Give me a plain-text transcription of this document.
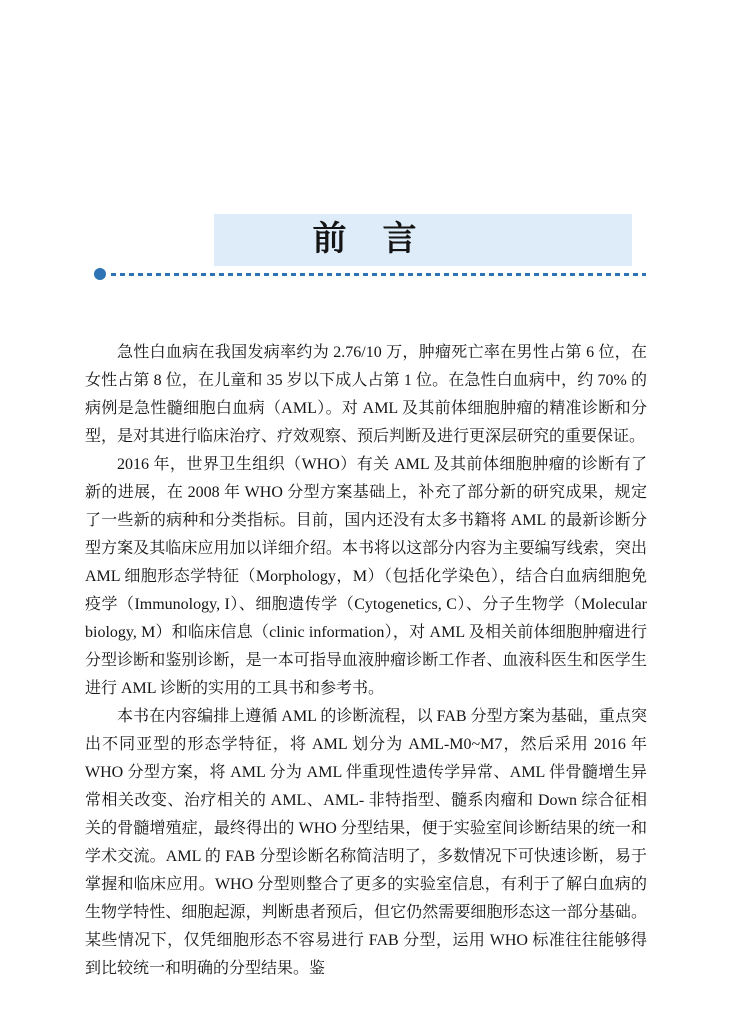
前　言

急性白血病在我国发病率约为 2.76/10 万，肿瘤死亡率在男性占第 6 位，在女性占第 8 位，在儿童和 35 岁以下成人占第 1 位。在急性白血病中，约 70% 的病例是急性髓细胞白血病（AML）。对 AML 及其前体细胞肿瘤的精准诊断和分型，是对其进行临床治疗、疗效观察、预后判断及进行更深层研究的重要保证。

2016 年，世界卫生组织（WHO）有关 AML 及其前体细胞肿瘤的诊断有了新的进展，在 2008 年 WHO 分型方案基础上，补充了部分新的研究成果，规定了一些新的病种和分类指标。目前，国内还没有太多书籍将 AML 的最新诊断分型方案及其临床应用加以详细介绍。本书将以这部分内容为主要编写线索，突出 AML 细胞形态学特征（Morphology，M）（包括化学染色），结合白血病细胞免疫学（Immunology, I）、细胞遗传学（Cytogenetics, C）、分子生物学（Molecular biology, M）和临床信息（clinic information），对 AML 及相关前体细胞肿瘤进行分型诊断和鉴别诊断，是一本可指导血液肿瘤诊断工作者、血液科医生和医学生进行 AML 诊断的实用的工具书和参考书。

本书在内容编排上遵循 AML 的诊断流程，以 FAB 分型方案为基础，重点突出不同亚型的形态学特征，将 AML 划分为 AML-M0~M7，然后采用 2016 年 WHO 分型方案，将 AML 分为 AML 伴重现性遗传学异常、AML 伴骨髓增生异常相关改变、治疗相关的 AML、AML- 非特指型、髓系肉瘤和 Down 综合征相关的骨髓增殖症，最终得出的 WHO 分型结果，便于实验室间诊断结果的统一和学术交流。AML 的 FAB 分型诊断名称简洁明了，多数情况下可快速诊断，易于掌握和临床应用。WHO 分型则整合了更多的实验室信息，有利于了解白血病的生物学特性、细胞起源，判断患者预后，但它仍然需要细胞形态这一部分基础。某些情况下，仅凭细胞形态不容易进行 FAB 分型，运用 WHO 标准往往能够得到比较统一和明确的分型结果。鉴
